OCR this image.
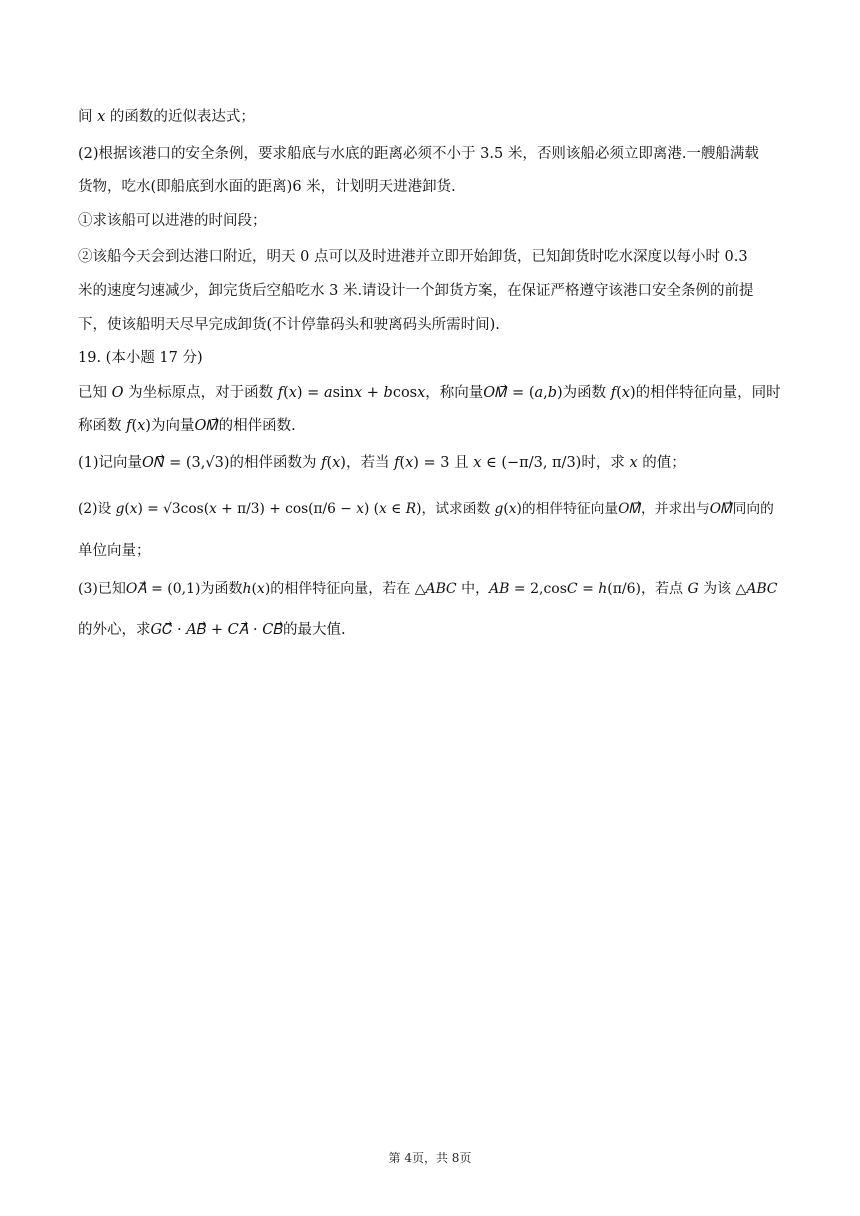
间 𝑥 的函数的近似表达式；
(2)根据该港口的安全条例，要求船底与水底的距离必须不小于 3.5 米，否则该船必须立即离港.一艘船满载
货物，吃水(即船底到水面的距离)6 米，计划明天进港卸货.
①求该船可以进港的时间段；
②该船今天会到达港口附近，明天 0 点可以及时进港并立即开始卸货，已知卸货时吃水深度以每小时 0.3
米的速度匀速减少，卸完货后空船吃水 3 米.请设计一个卸货方案，在保证严格遵守该港口安全条例的前提
下，使该船明天尽早完成卸货(不计停靠码头和驶离码头所需时间).
19. (本小题 17 分)
已知 𝑂 为坐标原点，对于函数 𝑓(𝑥) = 𝑎sin𝑥 + 𝑏cos𝑥，称向量𝑂𝑀⃗ = (𝑎,𝑏)为函数 𝑓(𝑥)的相伴特征向量，同时
称函数 𝑓(𝑥)为向量𝑂𝑀⃗的相伴函数.
(1)记向量𝑂𝑁⃗ = (3,√3)的相伴函数为 𝑓(𝑥)，若当 𝑓(𝑥) = 3 且 𝑥 ∈ (−π/3, π/3)时，求 𝑥 的值；
(2)设 𝑔(𝑥) = √3cos(𝑥 + π/3) + cos(π/6 − 𝑥) (𝑥 ∈ 𝑅)，试求函数 𝑔(𝑥)的相伴特征向量𝑂𝑀⃗，并求出与𝑂𝑀⃗同向的
单位向量；
(3)已知𝑂𝐴⃗ = (0,1)为函数ℎ(𝑥)的相伴特征向量，若在 △𝐴𝐵𝐶 中，𝐴𝐵 = 2,cos𝐶 = ℎ(π/6)，若点 𝐺 为该 △𝐴𝐵𝐶
的外心，求𝐺𝐶⃗ · 𝐴𝐵⃗ + 𝐶𝐴⃗ · 𝐶𝐵⃗的最大值.
第 4页，共 8页
